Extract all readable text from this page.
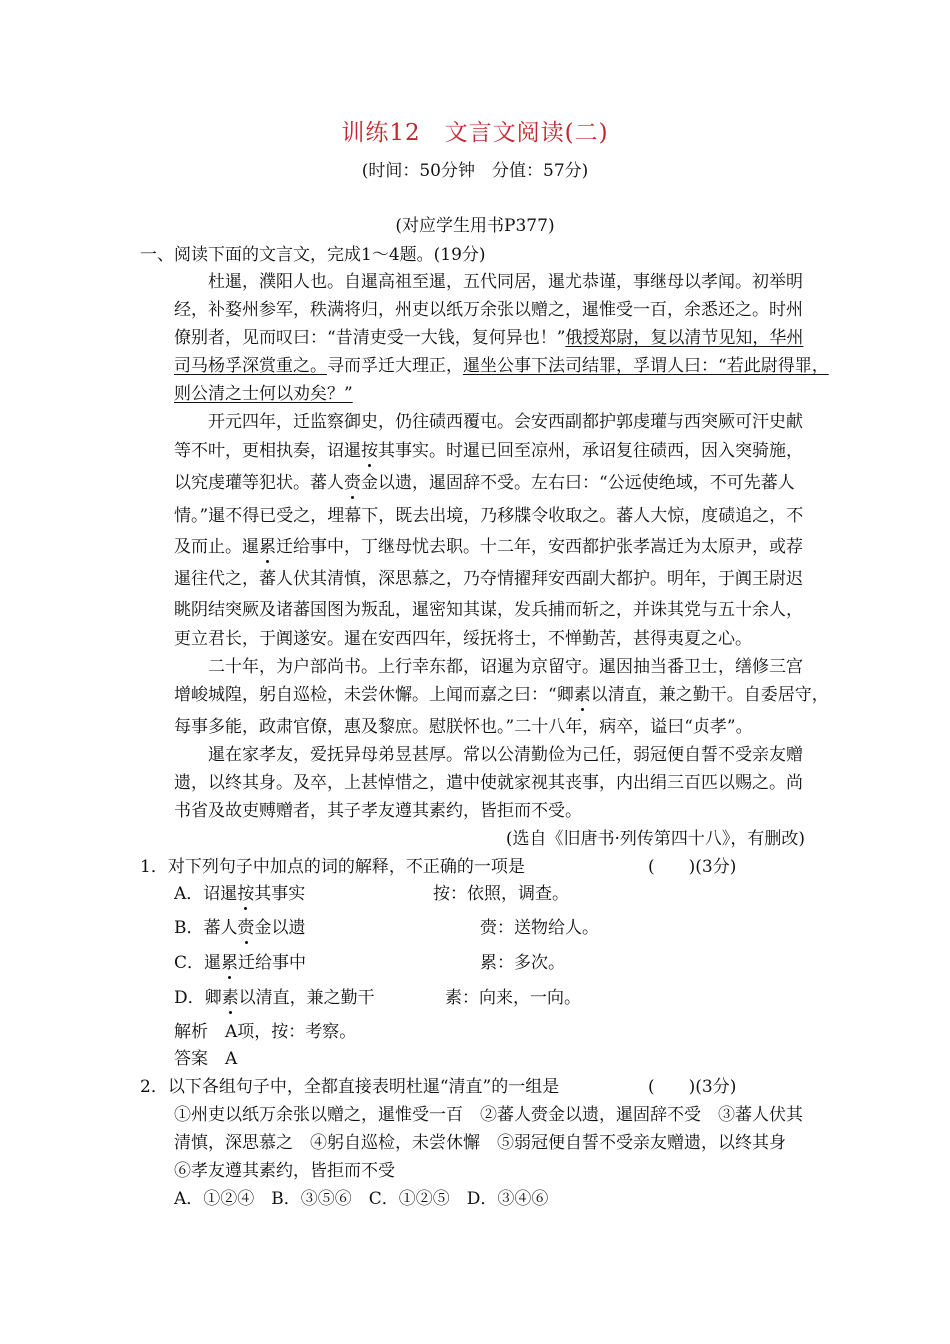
训练12　文言文阅读(二)
(时间：50分钟　分值：57分)
(对应学生用书P377)
一、阅读下面的文言文，完成1～4题。(19分)
杜暹，濮阳人也。自暹高祖至暹，五代同居，暹尤恭谨，事继母以孝闻。初举明
经，补婺州参军，秩满将归，州吏以纸万余张以赠之，暹惟受一百，余悉还之。时州
僚别者，见而叹曰：“昔清吏受一大钱，复何异也！”俄授郑尉，复以清节见知，华州
司马杨孚深赏重之。寻而孚迁大理正，暹坐公事下法司结罪，孚谓人曰：“若此尉得罪，
则公清之士何以劝矣？”
开元四年，迁监察御史，仍往碛西覆屯。会安西副都护郭虔瓘与西突厥可汗史献
等不叶，更相执奏，诏暹按其事实。时暹已回至凉州，承诏复往碛西，因入突骑施，
以究虔瓘等犯状。蕃人赍金以遗，暹固辞不受。左右曰：“公远使绝域，不可先蕃人
情。”暹不得已受之，埋幕下，既去出境，乃移牒令收取之。蕃人大惊，度碛追之，不
及而止。暹累迁给事中，丁继母忧去职。十二年，安西都护张孝嵩迁为太原尹，或荐
暹往代之，蕃人伏其清慎，深思慕之，乃夺情擢拜安西副大都护。明年，于阗王尉迟
眺阴结突厥及诸蕃国图为叛乱，暹密知其谋，发兵捕而斩之，并诛其党与五十余人，
更立君长，于阗遂安。暹在安西四年，绥抚将士，不惮勤苦，甚得夷夏之心。
二十年，为户部尚书。上行幸东都，诏暹为京留守。暹因抽当番卫士，缮修三宫
增峻城隍，躬自巡检，未尝休懈。上闻而嘉之曰：“卿素以清直，兼之勤干。自委居守，
每事多能，政肃官僚，惠及黎庶。慰朕怀也。”二十八年，病卒，谥曰“贞孝”。
暹在家孝友，爱抚异母弟昱甚厚。常以公清勤俭为己任，弱冠便自誓不受亲友赠
遗，以终其身。及卒，上甚悼惜之，遣中使就家视其丧事，内出绢三百匹以赐之。尚
书省及故吏赙赠者，其子孝友遵其素约，皆拒而不受。
(选自《旧唐书·列传第四十八》，有删改)
1．对下列句子中加点的词的解释，不正确的一项是	(　　)(3分)
A．诏暹按其事实	按：依照，调查。
B．蕃人赍金以遗	赍：送物给人。
C．暹累迁给事中	累：多次。
D．卿素以清直，兼之勤干	素：向来，一向。
解析　A项，按：考察。
答案　A
2．以下各组句子中，全都直接表明杜暹“清直”的一组是	(　　)(3分)
①州吏以纸万余张以赠之，暹惟受一百　②蕃人赍金以遗，暹固辞不受　③蕃人伏其
清慎，深思慕之　④躬自巡检，未尝休懈　⑤弱冠便自誓不受亲友赠遗，以终其身
⑥孝友遵其素约，皆拒而不受
A．①②④　B．③⑤⑥　C．①②⑤　D．③④⑥
